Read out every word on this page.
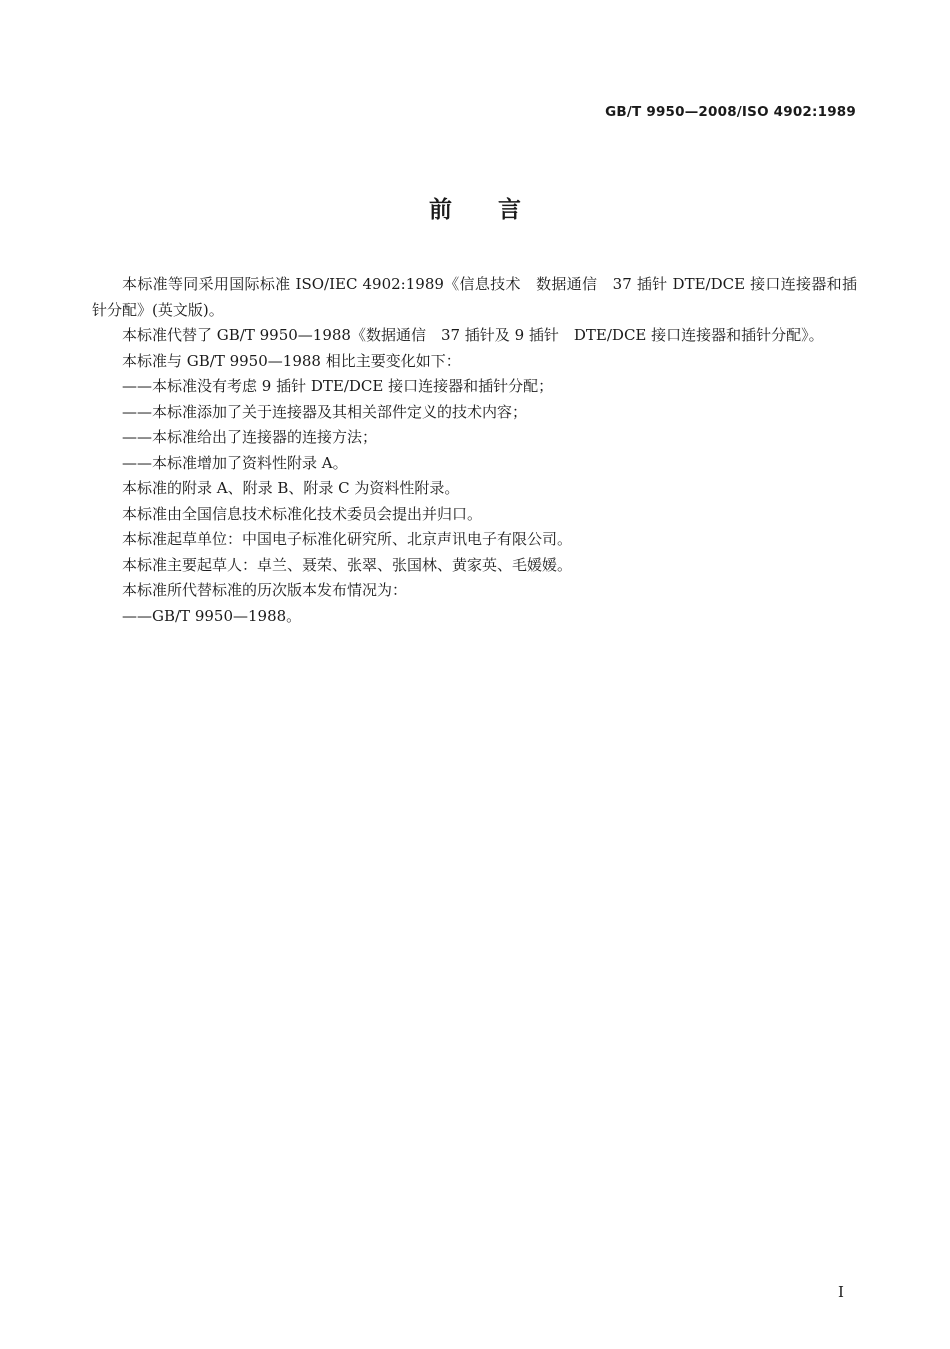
GB/T 9950—2008/ISO 4902:1989
前言

本标准等同采用国际标准 ISO/IEC 4902:1989《信息技术　数据通信　37 插针 DTE/DCE 接口连接器和插针分配》(英文版)。

本标准代替了 GB/T 9950—1988《数据通信　37 插针及 9 插针　DTE/DCE 接口连接器和插针分配》。

本标准与 GB/T 9950—1988 相比主要变化如下：

——本标准没有考虑 9 插针 DTE/DCE 接口连接器和插针分配；

——本标准添加了关于连接器及其相关部件定义的技术内容；

——本标准给出了连接器的连接方法；

——本标准增加了资料性附录 A。

本标准的附录 A、附录 B、附录 C 为资料性附录。

本标准由全国信息技术标准化技术委员会提出并归口。

本标准起草单位：中国电子标准化研究所、北京声讯电子有限公司。

本标准主要起草人：卓兰、聂荣、张翠、张国林、黄家英、毛媛媛。

本标准所代替标准的历次版本发布情况为：

——GB/T 9950—1988。

I
